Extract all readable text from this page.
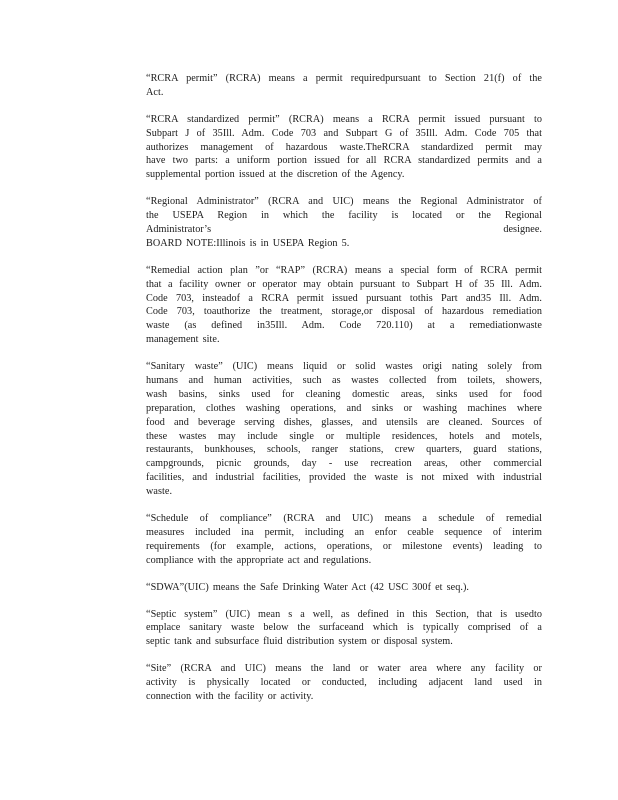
“RCRA permit” (RCRA) means a permit requiredpursuant to Section 21(f) of the
Act.
“RCRA standardized permit” (RCRA) means a RCRA permit issued pursuant to
Subpart J of 35Ill. Adm. Code 703 and Subpart G of 35Ill. Adm. Code 705 that
authorizes management of hazardous waste.TheRCRA standardized permit may
have two parts: a uniform portion issued for all RCRA standardized permits and a
supplemental portion issued at the discretion of the Agency.
“Regional Administrator” (RCRA and UIC) means the Regional Administrator of
the USEPA Region in which the facility is located or the Regional
Administrator’s designee.
BOARD NOTE:Illinois is in USEPA Region 5.
“Remedial action plan ”or “RAP” (RCRA) means a special form of RCRA permit
that a facility owner or operator may obtain pursuant to Subpart H of 35 Ill. Adm.
Code 703, insteadof a RCRA permit issued pursuant tothis Part and35 Ill. Adm.
Code 703, toauthorize the treatment, storage,or disposal of hazardous remediation
waste (as defined in35Ill. Adm. Code 720.110) at a remediationwaste
management site.
“Sanitary waste” (UIC) means liquid or solid wastes origi nating solely from
humans and human activities, such as wastes collected from toilets, showers,
wash basins, sinks used for cleaning domestic areas, sinks used for food
preparation, clothes washing operations, and sinks or washing machines where
food and beverage serving dishes, glasses, and utensils are cleaned. Sources of
these wastes may include single or multiple residences, hotels and motels,
restaurants, bunkhouses, schools, ranger stations, crew quarters, guard stations,
campgrounds, picnic grounds, day - use recreation areas, other commercial
facilities, and industrial facilities, provided the waste is not mixed with industrial
waste.
“Schedule of compliance” (RCRA and UIC) means a schedule of remedial
measures included ina permit, including an enfor ceable sequence of interim
requirements (for example, actions, operations, or milestone events) leading to
compliance with the appropriate act and regulations.
“SDWA”(UIC) means the Safe Drinking Water Act (42 USC 300f et seq.).
“Septic system” (UIC) mean s a well, as defined in this Section, that is usedto
emplace sanitary waste below the surfaceand which is typically comprised of a
septic tank and subsurface fluid distribution system or disposal system.
“Site” (RCRA and UIC) means the land or water area where any facility or
activity is physically located or conducted, including adjacent land used in
connection with the facility or activity.
